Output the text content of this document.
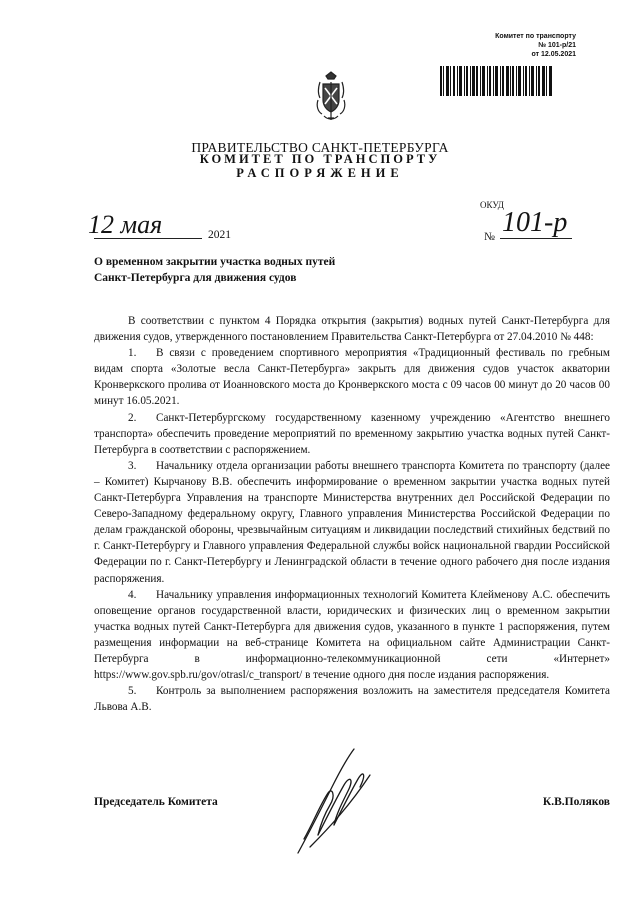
Комитет по транспорту
№ 101-р/21
от 12.05.2021
ПРАВИТЕЛЬСТВО САНКТ-ПЕТЕРБУРГА
КОМИТЕТ ПО ТРАНСПОРТУ
РАСПОРЯЖЕНИЕ
ОКУД
12 мая	2021	№ 101-р
О временном закрытии участка водных путей Санкт-Петербурга для движения судов

В соответствии с пунктом 4 Порядка открытия (закрытия) водных путей Санкт-Петербурга для движения судов, утвержденного постановлением Правительства Санкт-Петербурга от 27.04.2010 № 448:

1. В связи с проведением спортивного мероприятия «Традиционный фестиваль по гребным видам спорта «Золотые весла Санкт-Петербурга» закрыть для движения судов участок акватории Кронверкского пролива от Иоанновского моста до Кронверкского моста с 09 часов 00 минут до 20 часов 00 минут 16.05.2021.

2. Санкт-Петербургскому государственному казенному учреждению «Агентство внешнего транспорта» обеспечить проведение мероприятий по временному закрытию участка водных путей Санкт-Петербурга в соответствии с распоряжением.

3. Начальнику отдела организации работы внешнего транспорта Комитета по транспорту (далее – Комитет) Кырчанову В.В. обеспечить информирование о временном закрытии участка водных путей Санкт-Петербурга Управления на транспорте Министерства внутренних дел Российской Федерации по Северо-Западному федеральному округу, Главного управления Министерства Российской Федерации по делам гражданской обороны, чрезвычайным ситуациям и ликвидации последствий стихийных бедствий по г. Санкт-Петербургу и Главного управления Федеральной службы войск национальной гвардии Российской Федерации по г. Санкт-Петербургу и Ленинградской области в течение одного рабочего дня после издания распоряжения.

4. Начальнику управления информационных технологий Комитета Клейменову А.С. обеспечить оповещение органов государственной власти, юридических и физических лиц о временном закрытии участка водных путей Санкт-Петербурга для движения судов, указанного в пункте 1 распоряжения, путем размещения информации на веб-странице Комитета на официальном сайте Администрации Санкт-Петербурга в информационно-телекоммуникационной сети «Интернет» https://www.gov.spb.ru/gov/otrasl/c_transport/ в течение одного дня после издания распоряжения.

5. Контроль за выполнением распоряжения возложить на заместителя председателя Комитета Львова А.В.

Председатель Комитета	К.В.Поляков
